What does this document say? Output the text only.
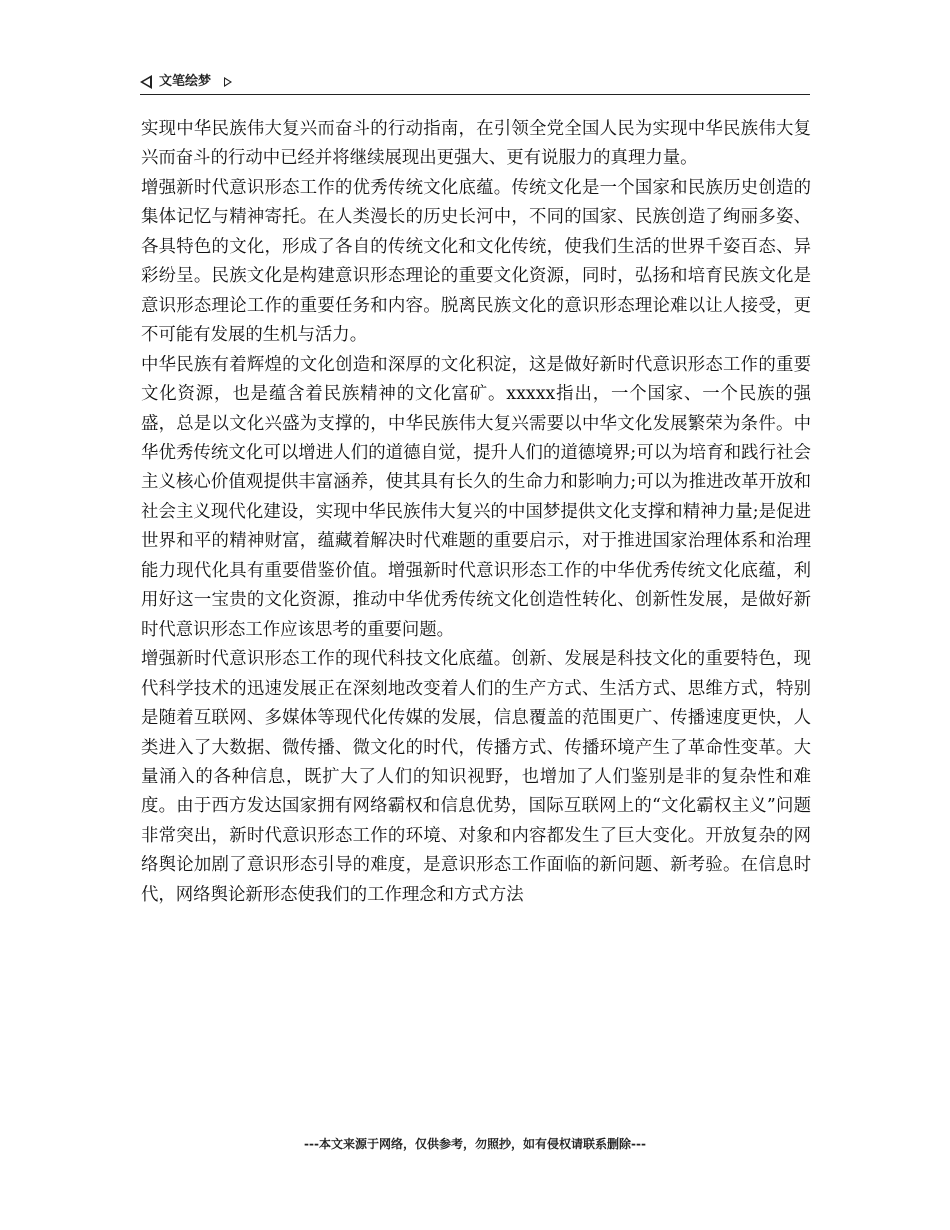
文笔绘梦

实现中华民族伟大复兴而奋斗的行动指南，在引领全党全国人民为实现中华民族伟大复兴而奋斗的行动中已经并将继续展现出更强大、更有说服力的真理力量。

增强新时代意识形态工作的优秀传统文化底蕴。传统文化是一个国家和民族历史创造的集体记忆与精神寄托。在人类漫长的历史长河中，不同的国家、民族创造了绚丽多姿、各具特色的文化，形成了各自的传统文化和文化传统，使我们生活的世界千姿百态、异彩纷呈。民族文化是构建意识形态理论的重要文化资源，同时，弘扬和培育民族文化是意识形态理论工作的重要任务和内容。脱离民族文化的意识形态理论难以让人接受，更不可能有发展的生机与活力。

中华民族有着辉煌的文化创造和深厚的文化积淀，这是做好新时代意识形态工作的重要文化资源，也是蕴含着民族精神的文化富矿。xxxxx指出，一个国家、一个民族的强盛，总是以文化兴盛为支撑的，中华民族伟大复兴需要以中华文化发展繁荣为条件。中华优秀传统文化可以增进人们的道德自觉，提升人们的道德境界;可以为培育和践行社会主义核心价值观提供丰富涵养，使其具有长久的生命力和影响力;可以为推进改革开放和社会主义现代化建设，实现中华民族伟大复兴的中国梦提供文化支撑和精神力量;是促进世界和平的精神财富，蕴藏着解决时代难题的重要启示，对于推进国家治理体系和治理能力现代化具有重要借鉴价值。增强新时代意识形态工作的中华优秀传统文化底蕴，利用好这一宝贵的文化资源，推动中华优秀传统文化创造性转化、创新性发展，是做好新时代意识形态工作应该思考的重要问题。

增强新时代意识形态工作的现代科技文化底蕴。创新、发展是科技文化的重要特色，现代科学技术的迅速发展正在深刻地改变着人们的生产方式、生活方式、思维方式，特别是随着互联网、多媒体等现代化传媒的发展，信息覆盖的范围更广、传播速度更快，人类进入了大数据、微传播、微文化的时代，传播方式、传播环境产生了革命性变革。大量涌入的各种信息，既扩大了人们的知识视野，也增加了人们鉴别是非的复杂性和难度。由于西方发达国家拥有网络霸权和信息优势，国际互联网上的“文化霸权主义”问题非常突出，新时代意识形态工作的环境、对象和内容都发生了巨大变化。开放复杂的网络舆论加剧了意识形态引导的难度，是意识形态工作面临的新问题、新考验。在信息时代，网络舆论新形态使我们的工作理念和方式方法

---本文来源于网络，仅供参考，勿照抄，如有侵权请联系删除---
